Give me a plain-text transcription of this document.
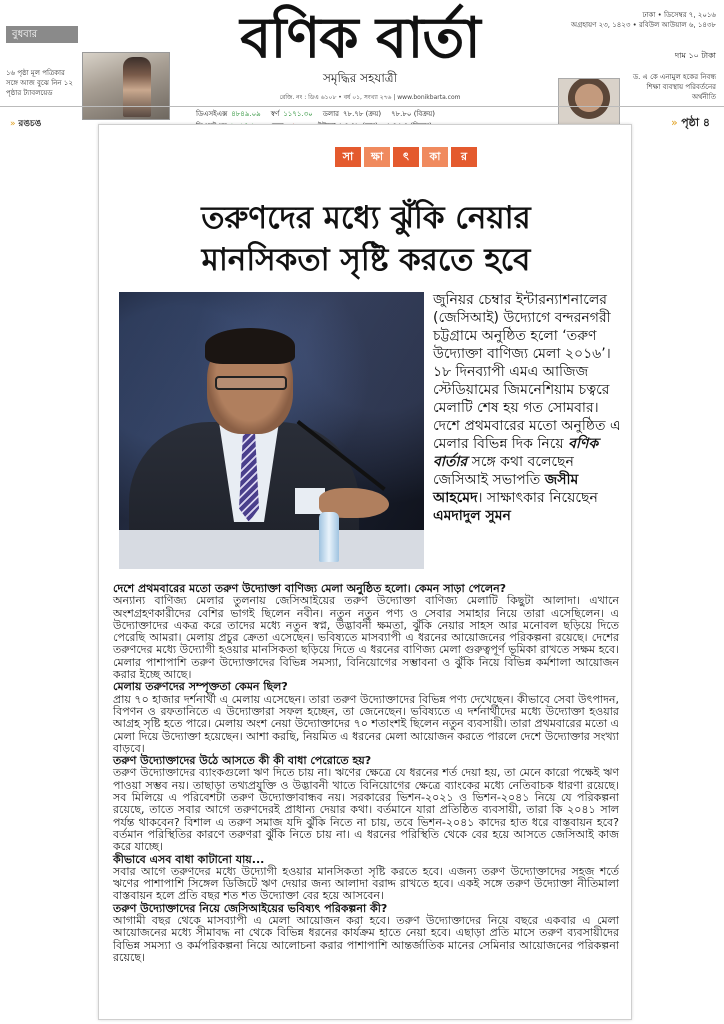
বুধবার
১৬ পৃষ্ঠা মূল পত্রিকার সঙ্গে আজ বুঝে নিন ১২ পৃষ্ঠার ট্যাবলয়েড
বণিক বার্তা
সমৃদ্ধির সহযাত্রী
রেজি. নং : ডিএ ৬১০৮ • বর্ষ ০১, সংখ্যা ২৭৬ | www.bonikbarta.com
ঢাকা • ডিসেম্বর ৭, ২০১৬
অগ্রহায়ণ ২৩, ১৪২৩ • রবিউল আউয়াল ৬, ১৪৩৮
দাম ১০ টাকা
ড. এ কে এনামুল হকের নিবন্ধ শিক্ষা ব্যবস্থায় পরিবর্তনের অর্থনীতি
» রঙচঙ
ডিএসইএক্স ৪৮৪৯.০৯ স্বর্ণ ১১৭১.৩০ ডলার ৭৮.৭৮ (ক্রয়) ৭৮.৮০ (বিক্রয়)
» পৃষ্ঠা ৪
সা	ক্ষা	ৎ	কা	র
তরুণদের মধ্যে ঝুঁকি নেয়ার
মানসিকতা সৃষ্টি করতে হবে
জুনিয়র চেম্বার ইন্টারন্যাশনালের (জেসিআই) উদ্যোগে বন্দরনগরী চট্টগ্রামে অনুষ্ঠিত হলো ‘তরুণ উদ্যোক্তা বাণিজ্য মেলা ২০১৬’। ১৮ দিনব্যাপী এমএ আজিজ স্টেডিয়ামের জিমনেশিয়াম চত্বরে মেলাটি শেষ হয় গত সোমবার। দেশে প্রথমবারের মতো অনুষ্ঠিত এ মেলার বিভিন্ন দিক নিয়ে বণিক বার্তার সঙ্গে কথা বলেছেন জেসিআই সভাপতি জসীম আহমেদ। সাক্ষাৎকার নিয়েছেন
এমদাদুল সুমন

দেশে প্রথমবারের মতো তরুণ উদ্যোক্তা বাণিজ্য মেলা অনুষ্ঠিত হলো। কেমন সাড়া পেলেন?

অন্যান্য বাণিজ্য মেলার তুলনায় জেসিআইয়ের তরুণ উদ্যোক্তা বাণিজ্য মেলাটি কিছুটা আলাদা। এখানে অংশগ্রহণকারীদের বেশির ভাগই ছিলেন নবীন। নতুন নতুন পণ্য ও সেবার সমাহার নিয়ে তারা এসেছিলেন। এ উদ্যোক্তাদের একত্র করে তাদের মধ্যে নতুন স্বপ্ন, উদ্ভাবনী ক্ষমতা, ঝুঁকি নেয়ার সাহস আর মনোবল ছড়িয়ে দিতে পেরেছি আমরা। মেলায় প্রচুর ক্রেতা এসেছেন। ভবিষ্যতে মাসব্যাপী এ ধরনের আয়োজনের পরিকল্পনা রয়েছে। দেশের তরুণদের মধ্যে উদ্যোগী হওয়ার মানসিকতা ছড়িয়ে দিতে এ ধরনের বাণিজ্য মেলা গুরুত্বপূর্ণ ভূমিকা রাখতে সক্ষম হবে। মেলার পাশাপাশি তরুণ উদ্যোক্তাদের বিভিন্ন সমস্যা, বিনিয়োগের সম্ভাবনা ও ঝুঁকি নিয়ে বিভিন্ন কর্মশালা আয়োজন করার ইচ্ছে আছে।

মেলায় তরুণদের সম্পৃক্ততা কেমন ছিল?

প্রায় ৭০ হাজার দর্শনার্থী এ মেলায় এসেছেন। তারা তরুণ উদ্যোক্তাদের বিভিন্ন পণ্য দেখেছেন। কীভাবে সেবা উৎপাদন, বিপণন ও রফতানিতে এ উদ্যোক্তারা সফল হচ্ছেন, তা জেনেছেন। ভবিষ্যতে এ দর্শনার্থীদের মধ্যে উদ্যোক্তা হওয়ার আগ্রহ সৃষ্টি হতে পারে। মেলায় অংশ নেয়া উদ্যোক্তাদের ৭০ শতাংশই ছিলেন নতুন ব্যবসায়ী। তারা প্রথমবারের মতো এ মেলা দিয়ে উদ্যোক্তা হয়েছেন। আশা করছি, নিয়মিত এ ধরনের মেলা আয়োজন করতে পারলে দেশে উদ্যোক্তার সংখ্যা বাড়বে।

তরুণ উদ্যোক্তাদের উঠে আসতে কী কী বাধা পেরোতে হয়?

তরুণ উদ্যোক্তাদের ব্যাংকগুলো ঋণ দিতে চায় না। ঋণের ক্ষেত্রে যে ধরনের শর্ত দেয়া হয়, তা মেনে কারো পক্ষেই ঋণ পাওয়া সম্ভব নয়। তাছাড়া তথ্যপ্রযুক্তি ও উদ্ভাবনী খাতে বিনিয়োগের ক্ষেত্রে ব্যাংকের মধ্যে নেতিবাচক ধারণা রয়েছে। সব মিলিয়ে এ পরিবেশটা তরুণ উদ্যোক্তাবান্ধব নয়। সরকারের ভিশন-২০২১ ও ভিশন-২০৪১ নিয়ে যে পরিকল্পনা রয়েছে, তাতে সবার আগে তরুণদেরই প্রাধান্য দেয়ার কথা। বর্তমানে যারা প্রতিষ্ঠিত ব্যবসায়ী, তারা কি ২০৪১ সাল পর্যন্ত থাকবেন? বিশাল এ তরুণ সমাজ যদি ঝুঁকি নিতে না চায়, তবে ভিশন-২০৪১ কাদের হাত ধরে বাস্তবায়ন হবে? বর্তমান পরিস্থিতির কারণে তরুণরা ঝুঁকি নিতে চায় না। এ ধরনের পরিস্থিতি থেকে বের হয়ে আসতে জেসিআই কাজ করে যাচ্ছে।

কীভাবে এসব বাধা কাটানো যায়...

সবার আগে তরুণদের মধ্যে উদ্যোগী হওয়ার মানসিকতা সৃষ্টি করতে হবে। এজন্য তরুণ উদ্যোক্তাদের সহজ শর্তে ঋণের পাশাপাশি সিঙ্গেল ডিজিটে ঋণ দেয়ার জন্য আলাদা বরাদ্দ রাখতে হবে। একই সঙ্গে তরুণ উদ্যোক্তা নীতিমালা বাস্তবায়ন হলে প্রতি বছর শত শত উদ্যোক্তা বের হয়ে আসবেন।

তরুণ উদ্যোক্তাদের নিয়ে জেসিআইয়ের ভবিষ্যৎ পরিকল্পনা কী?

আগামী বছর থেকে মাসব্যাপী এ মেলা আয়োজন করা হবে। তরুণ উদ্যোক্তাদের নিয়ে বছরে একবার এ মেলা আয়োজনের মধ্যে সীমাবদ্ধ না থেকে বিভিন্ন ধরনের কার্যক্রম হাতে নেয়া হবে। এছাড়া প্রতি মাসে তরুণ ব্যবসায়ীদের বিভিন্ন সমস্যা ও কর্মপরিকল্পনা নিয়ে আলোচনা করার পাশাপাশি আন্তর্জাতিক মানের সেমিনার আয়োজনের পরিকল্পনা রয়েছে।
